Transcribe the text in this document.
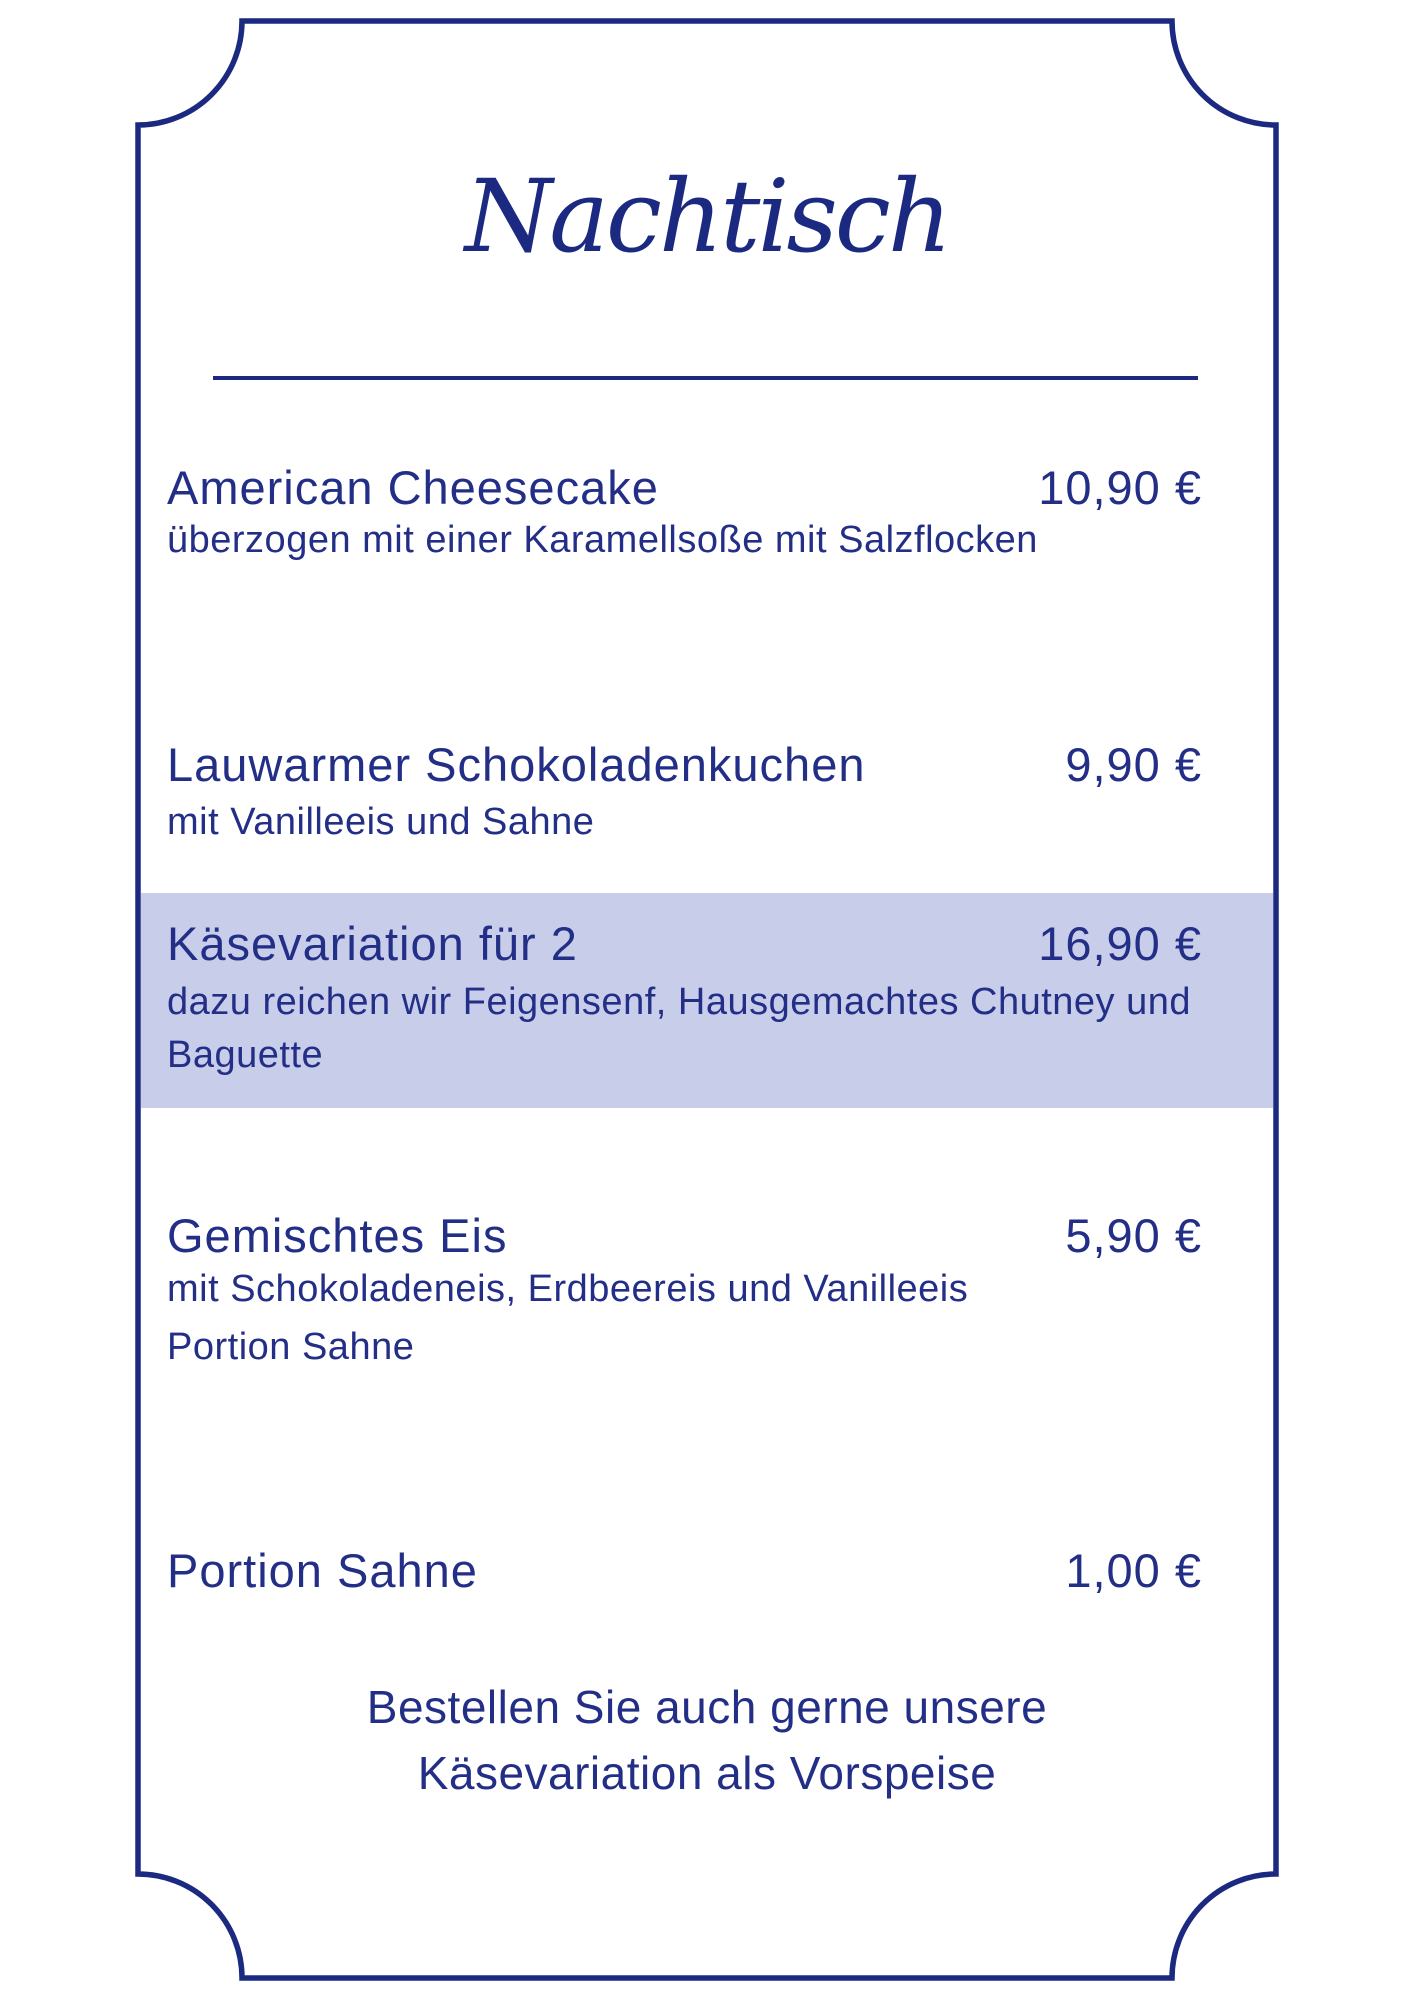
Nachtisch
American Cheesecake	10,90 €
überzogen mit einer Karamellsoße mit Salzflocken
Lauwarmer Schokoladenkuchen	9,90 €
mit Vanilleeis und Sahne
Käsevariation für 2	16,90 €
dazu reichen wir Feigensenf, Hausgemachtes Chutney und
Baguette
Gemischtes Eis	5,90 €
mit Schokoladeneis, Erdbeereis und Vanilleeis
Portion Sahne
Portion Sahne	1,00 €
Bestellen Sie auch gerne unsere
Käsevariation als Vorspeise
